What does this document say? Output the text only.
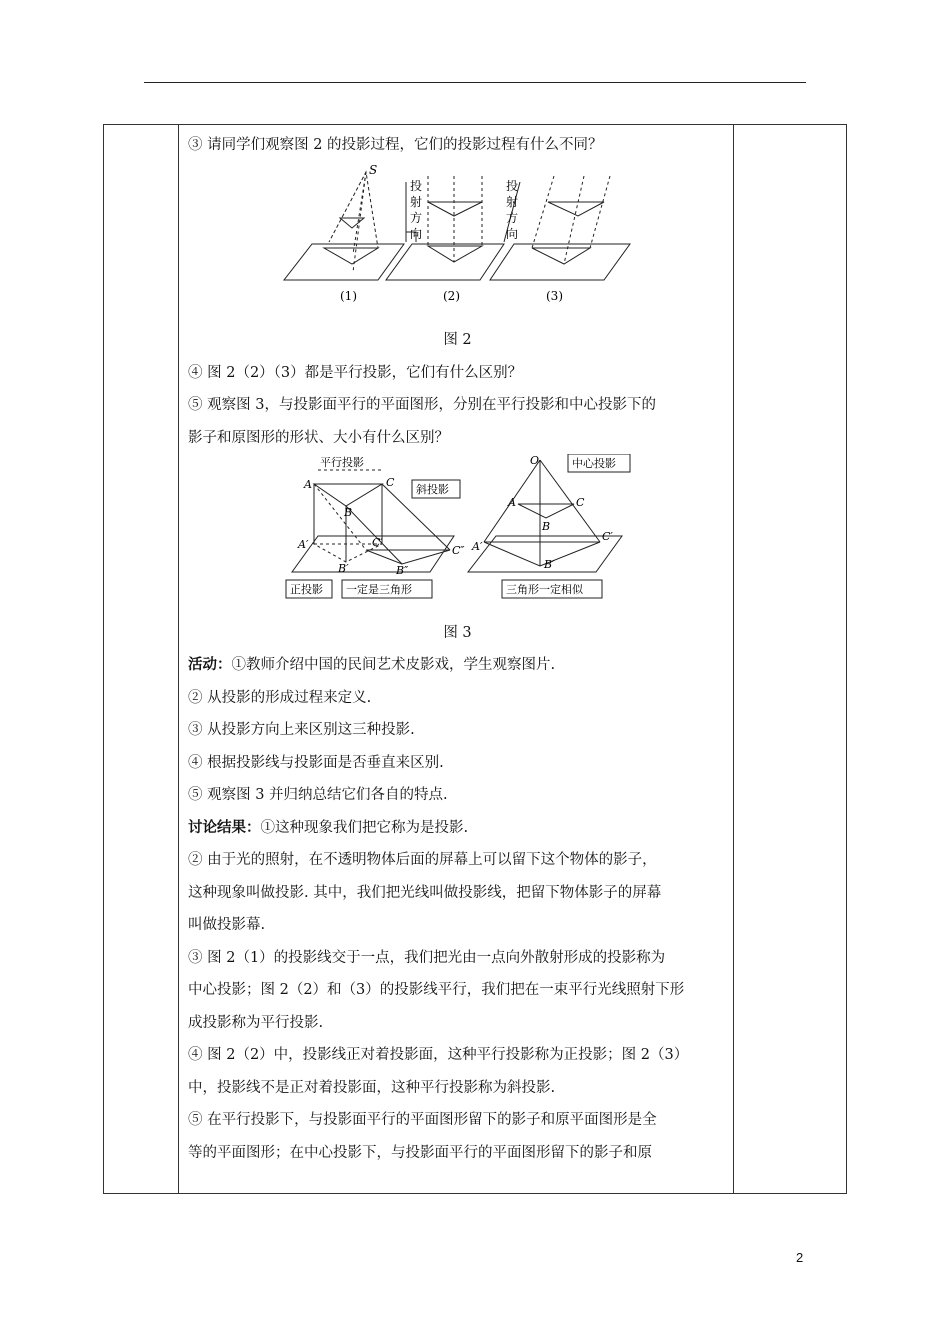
③ 请同学们观察图 2 的投影过程，它们的投影过程有什么不同？
S
投
射
方
向
投
射
方
向
(1)	(2)	(3)
图 2
④ 图 2（2）（3）都是平行投影，它们有什么区别？
⑤ 观察图 3，与投影面平行的平面图形，分别在平行投影和中心投影下的
影子和原图形的形状、大小有什么区别？
平行投影
斜投影
正投影 一定是三角形
中心投影
三角形一定相似
A
B
C
A′
B′
C′
B″
C″
O
A
B
C
A′
B′
C′
图 3
活动：①教师介绍中国的民间艺术皮影戏，学生观察图片.
② 从投影的形成过程来定义.
③ 从投影方向上来区别这三种投影.
④ 根据投影线与投影面是否垂直来区别.
⑤ 观察图 3 并归纳总结它们各自的特点.
讨论结果：①这种现象我们把它称为是投影.
② 由于光的照射，在不透明物体后面的屏幕上可以留下这个物体的影子，
这种现象叫做投影. 其中，我们把光线叫做投影线，把留下物体影子的屏幕
叫做投影幕.
③ 图 2（1）的投影线交于一点，我们把光由一点向外散射形成的投影称为
中心投影；图 2（2）和（3）的投影线平行，我们把在一束平行光线照射下形
成投影称为平行投影.
④ 图 2（2）中，投影线正对着投影面，这种平行投影称为正投影；图 2（3）
中，投影线不是正对着投影面，这种平行投影称为斜投影.
⑤ 在平行投影下，与投影面平行的平面图形留下的影子和原平面图形是全
等的平面图形；在中心投影下，与投影面平行的平面图形留下的影子和原

2
